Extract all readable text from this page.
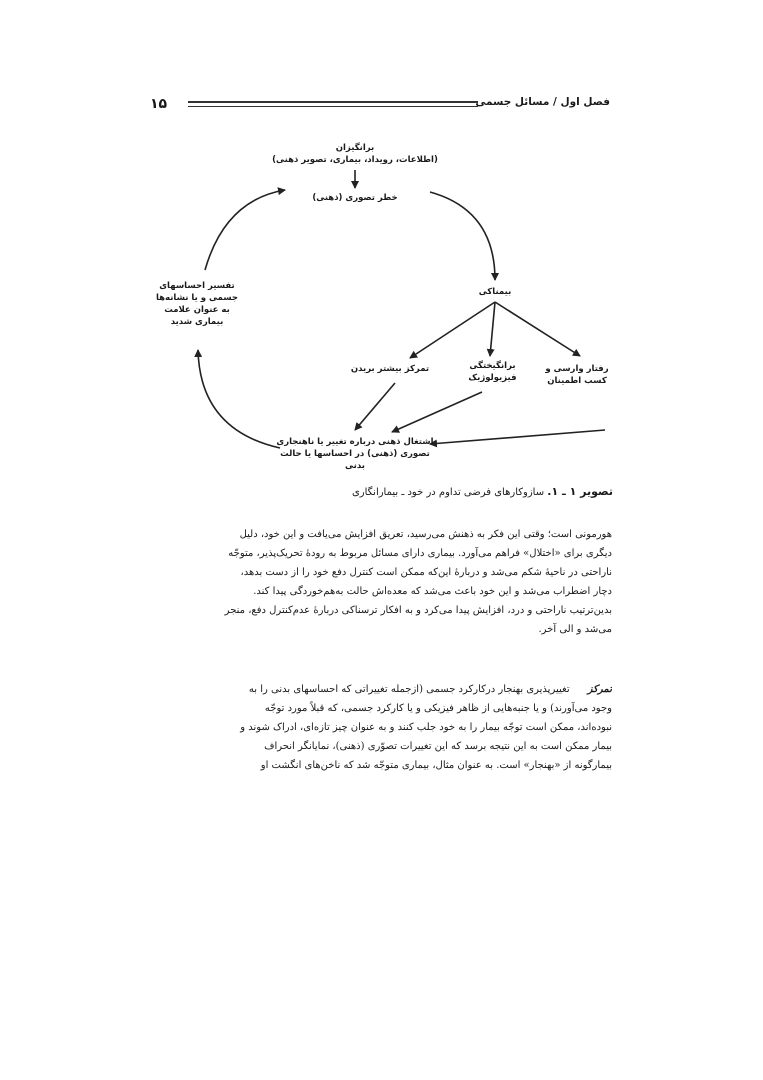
۱۵	فصل اول / مسائل جسمی
برانگیزان
(اطلاعات، رویداد، بیماری، تصویر ذهنی)
خطر تصوری (ذهنی)
بیمناکی
تفسیر احساسهای
جسمی و یا نشانه‌ها
به عنوان علامت
بیماری شدید
تمرکز بیشتر بریدن	برانگیختگی
فیزیولوژیک
رفتار وارسی و
کسب اطمینان
اشتغال ذهنی درباره تغییر یا ناهنجاری
تصوری (ذهنی) در احساسها یا حالت بدنی
تصویر ۱ ـ ۱. سازوکارهای فرضی تداوم در خود ـ بیمارانگاری
هورمونی است؛ وقتی این فکر به ذهنش می‌رسید، تعریق افزایش می‌یافت و این خود، دلیل
دیگری برای «اختلال» فراهم می‌آورد. بیماری دارای مسائل مربوط به رودهٔ تحریک‌پذیر، متوجّه
ناراحتی در ناحیهٔ شکم می‌شد و دربارهٔ این‌که ممکن است کنترل دفع خود را از دست بدهد،
دچار اضطراب می‌شد و این خود باعث می‌شد که معده‌اش حالت به‌هم‌خوردگی پیدا کند.
بدین‌ترتیب ناراحتی و درد، افزایش پیدا می‌کرد و به افکار ترسناکی دربارهٔ عدم‌کنترل دفع، منجر
می‌شد و الی آخر.
تمرکزتغییرپذیری بهنجار درکارکرد جسمی (ازجمله تغییراتی که احساسهای بدنی را به
وجود می‌آورند) و یا جنبه‌هایی از ظاهر فیزیکی و یا کارکرد جسمی، که قبلاً مورد توجّه
نبوده‌اند، ممکن است توجّه بیمار را به خود جلب کنند و به عنوان چیز تازه‌ای، ادراک شوند و
بیمار ممکن است به این نتیجه برسد که این تغییرات تصوّری (ذهنی)، نمایانگر انحراف
بیمارگونه از «بهنجار» است. به عنوان مثال، بیماری متوجّه شد که ناخن‌های انگشت او
